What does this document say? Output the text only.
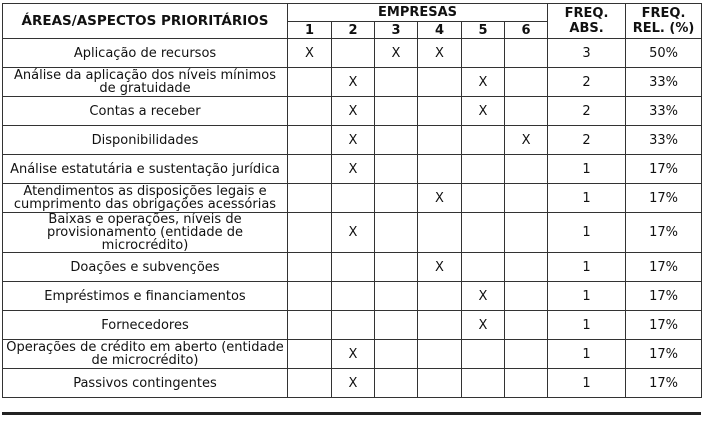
ÁREAS/ASPECTOS PRIORITÁRIOS	EMPRESAS						FREQ. ABS.	FREQ. REL. (%)
	1	2	3	4	5	6		
Aplicação de recursos	X		X	X			3	50%
Análise da aplicação dos níveis mínimos de gratuidade		X			X		2	33%
Contas a receber		X			X		2	33%
Disponibilidades		X				X	2	33%
Análise estatutária e sustentação jurídica		X					1	17%
Atendimentos as disposições legais e cumprimento das obrigações acessórias				X			1	17%
Baixas e operações, níveis de provisionamento (entidade de microcrédito)		X					1	17%
Doações e subvenções				X			1	17%
Empréstimos e financiamentos					X		1	17%
Fornecedores					X		1	17%
Operações de crédito em aberto (entidade de microcrédito)		X					1	17%
Passivos contingentes		X					1	17%
